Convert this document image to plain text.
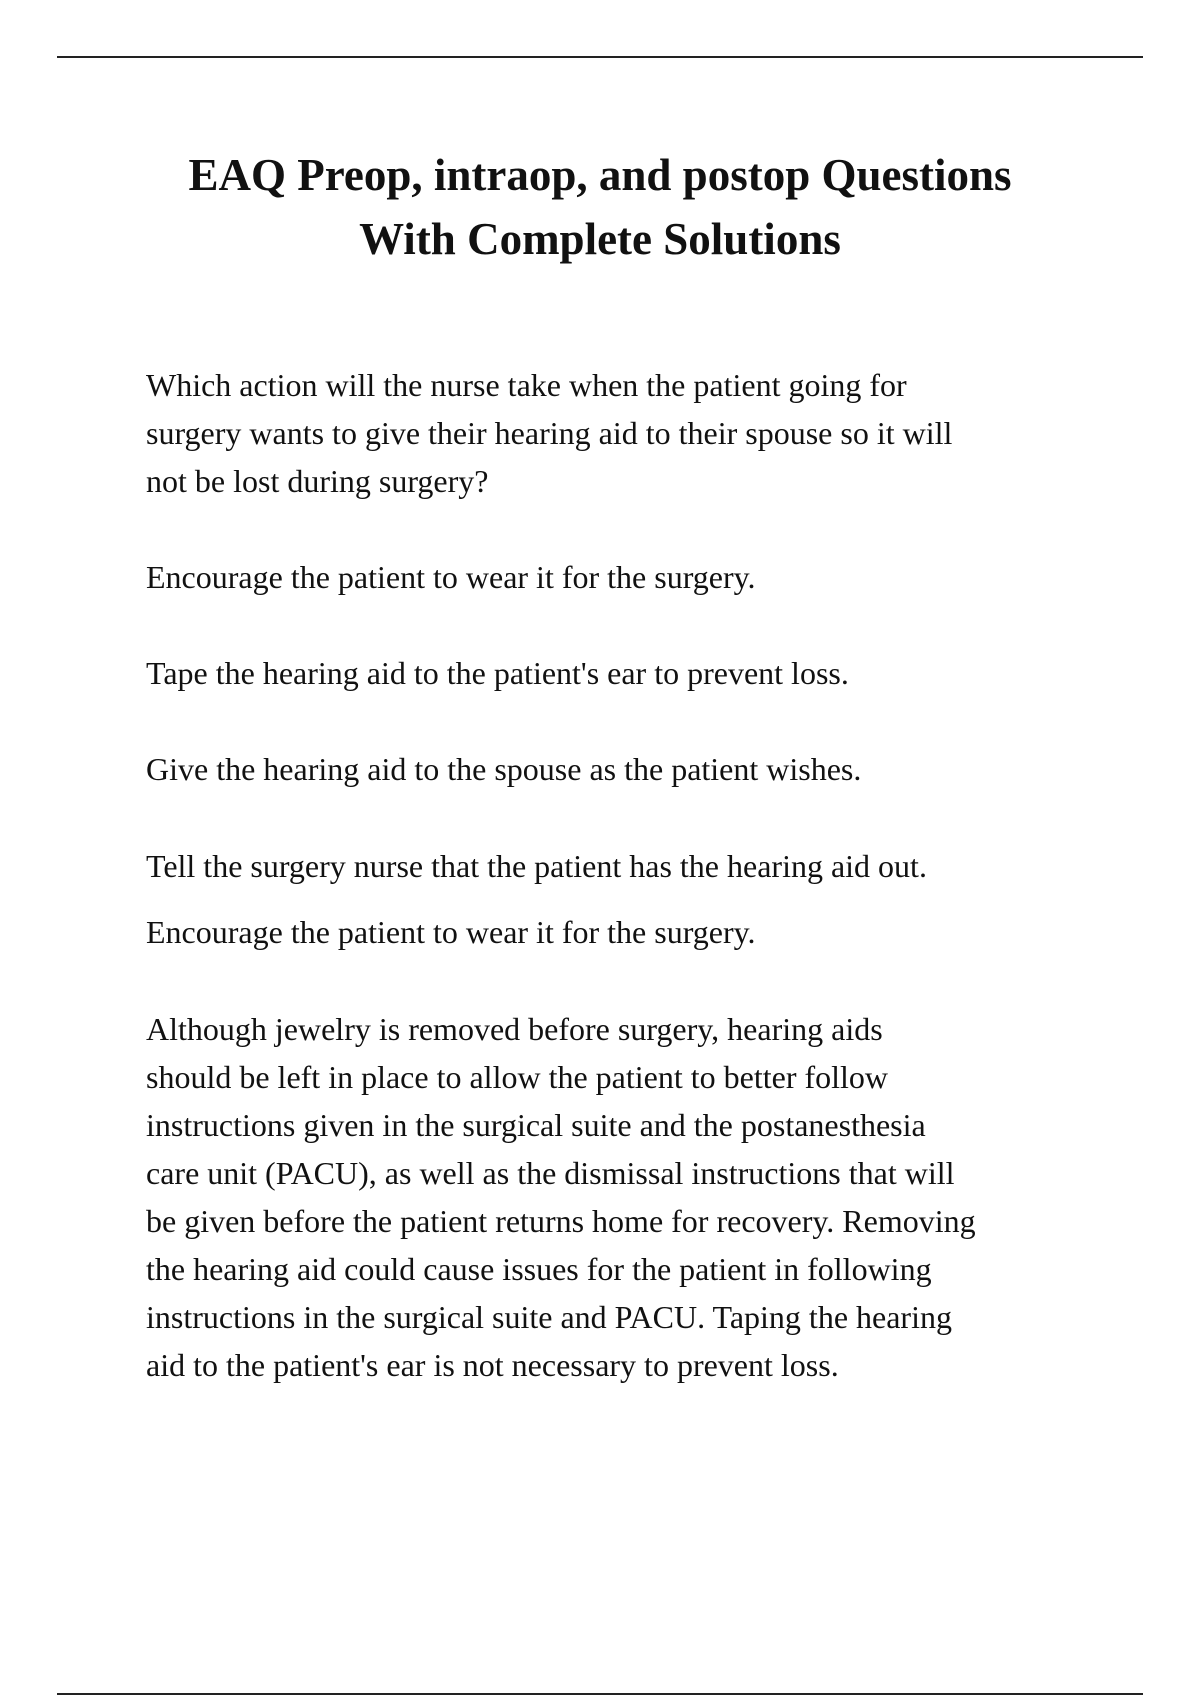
EAQ Preop, intraop, and postop Questions
With Complete Solutions

Which action will the nurse take when the patient going for

surgery wants to give their hearing aid to their spouse so it will

not be lost during surgery?

Encourage the patient to wear it for the surgery.

Tape the hearing aid to the patient's ear to prevent loss.

Give the hearing aid to the spouse as the patient wishes.

Tell the surgery nurse that the patient has the hearing aid out.

Encourage the patient to wear it for the surgery.

Although jewelry is removed before surgery, hearing aids

should be left in place to allow the patient to better follow

instructions given in the surgical suite and the postanesthesia

care unit (PACU), as well as the dismissal instructions that will

be given before the patient returns home for recovery. Removing

the hearing aid could cause issues for the patient in following

instructions in the surgical suite and PACU. Taping the hearing

aid to the patient's ear is not necessary to prevent loss.
